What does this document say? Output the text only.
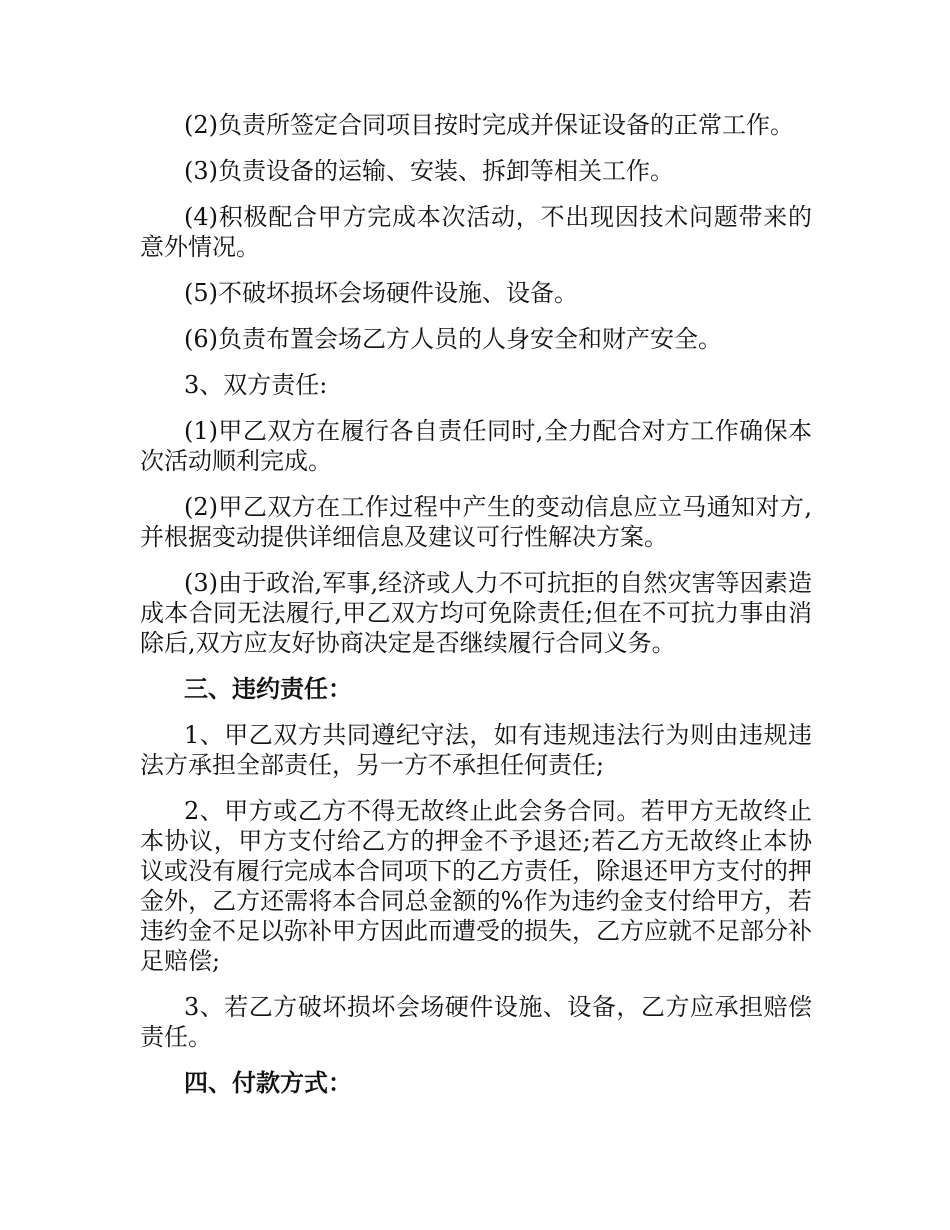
(2)负责所签定合同项目按时完成并保证设备的正常工作。

(3)负责设备的运输、安装、拆卸等相关工作。

(4)积极配合甲方完成本次活动，不出现因技术问题带来的意外情况。

(5)不破坏损坏会场硬件设施、设备。

(6)负责布置会场乙方人员的人身安全和财产安全。

3、双方责任:

(1)甲乙双方在履行各自责任同时,全力配合对方工作确保本次活动顺利完成。

(2)甲乙双方在工作过程中产生的变动信息应立马通知对方,并根据变动提供详细信息及建议可行性解决方案。

(3)由于政治,军事,经济或人力不可抗拒的自然灾害等因素造成本合同无法履行,甲乙双方均可免除责任;但在不可抗力事由消除后,双方应友好协商决定是否继续履行合同义务。

三、违约责任：

1、甲乙双方共同遵纪守法，如有违规违法行为则由违规违法方承担全部责任，另一方不承担任何责任;

2、甲方或乙方不得无故终止此会务合同。若甲方无故终止本协议，甲方支付给乙方的押金不予退还;若乙方无故终止本协议或没有履行完成本合同项下的乙方责任，除退还甲方支付的押金外，乙方还需将本合同总金额的%作为违约金支付给甲方，若违约金不足以弥补甲方因此而遭受的损失，乙方应就不足部分补足赔偿;

3、若乙方破坏损坏会场硬件设施、设备，乙方应承担赔偿责任。

四、付款方式：
